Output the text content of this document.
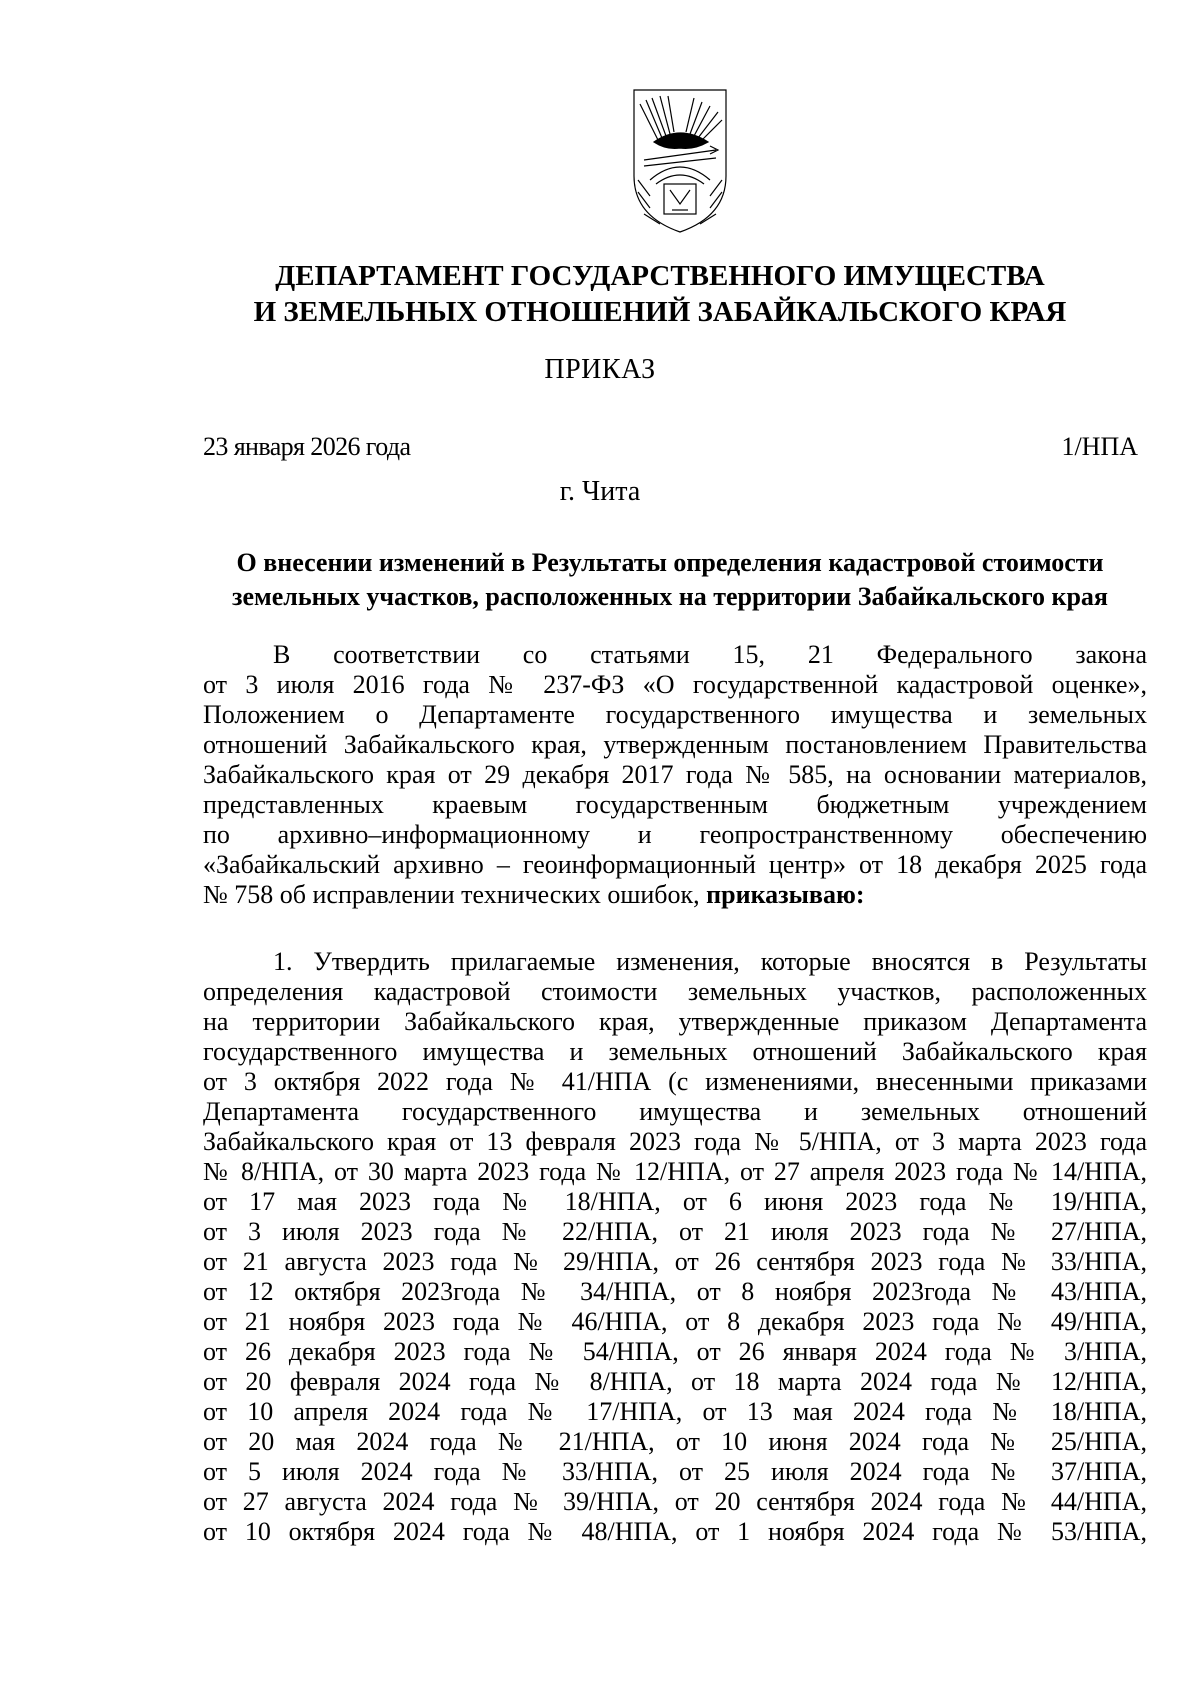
ДЕПАРТАМЕНТ ГОСУДАРСТВЕННОГО ИМУЩЕСТВА
И ЗЕМЕЛЬНЫХ ОТНОШЕНИЙ ЗАБАЙКАЛЬСКОГО КРАЯ
ПРИКАЗ
23 января 2026 года	1/НПА
г. Чита
О внесении изменений в Результаты определения кадастровой стоимости
земельных участков, расположенных на территории Забайкальского края
В соответствии со статьями 15, 21 Федерального закона
от 3 июля 2016 года № 237-ФЗ «О государственной кадастровой оценке»,
Положением о Департаменте государственного имущества и земельных
отношений Забайкальского края, утвержденным постановлением Правительства
Забайкальского края от 29 декабря 2017 года № 585, на основании материалов,
представленных краевым государственным бюджетным учреждением
по архивно–информационному и геопространственному обеспечению
«Забайкальский архивно – геоинформационный центр» от 18 декабря 2025 года
№ 758 об исправлении технических ошибок, приказываю:
1. Утвердить прилагаемые изменения, которые вносятся в Результаты
определения кадастровой стоимости земельных участков, расположенных
на территории Забайкальского края, утвержденные приказом Департамента
государственного имущества и земельных отношений Забайкальского края
от 3 октября 2022 года № 41/НПА (с изменениями, внесенными приказами
Департамента государственного имущества и земельных отношений
Забайкальского края от 13 февраля 2023 года № 5/НПА, от 3 марта 2023 года
№ 8/НПА, от 30 марта 2023 года № 12/НПА, от 27 апреля 2023 года № 14/НПА,
от 17 мая 2023 года № 18/НПА, от 6 июня 2023 года № 19/НПА,
от 3 июля 2023 года № 22/НПА, от 21 июля 2023 года № 27/НПА,
от 21 августа 2023 года № 29/НПА, от 26 сентября 2023 года № 33/НПА,
от 12 октября 2023года № 34/НПА, от 8 ноября 2023года № 43/НПА,
от 21 ноября 2023 года № 46/НПА, от 8 декабря 2023 года № 49/НПА,
от 26 декабря 2023 года № 54/НПА, от 26 января 2024 года № 3/НПА,
от 20 февраля 2024 года № 8/НПА, от 18 марта 2024 года № 12/НПА,
от 10 апреля 2024 года № 17/НПА, от 13 мая 2024 года № 18/НПА,
от 20 мая 2024 года № 21/НПА, от 10 июня 2024 года № 25/НПА,
от 5 июля 2024 года № 33/НПА, от 25 июля 2024 года № 37/НПА,
от 27 августа 2024 года № 39/НПА, от 20 сентября 2024 года № 44/НПА,
от 10 октября 2024 года № 48/НПА, от 1 ноября 2024 года № 53/НПА,
